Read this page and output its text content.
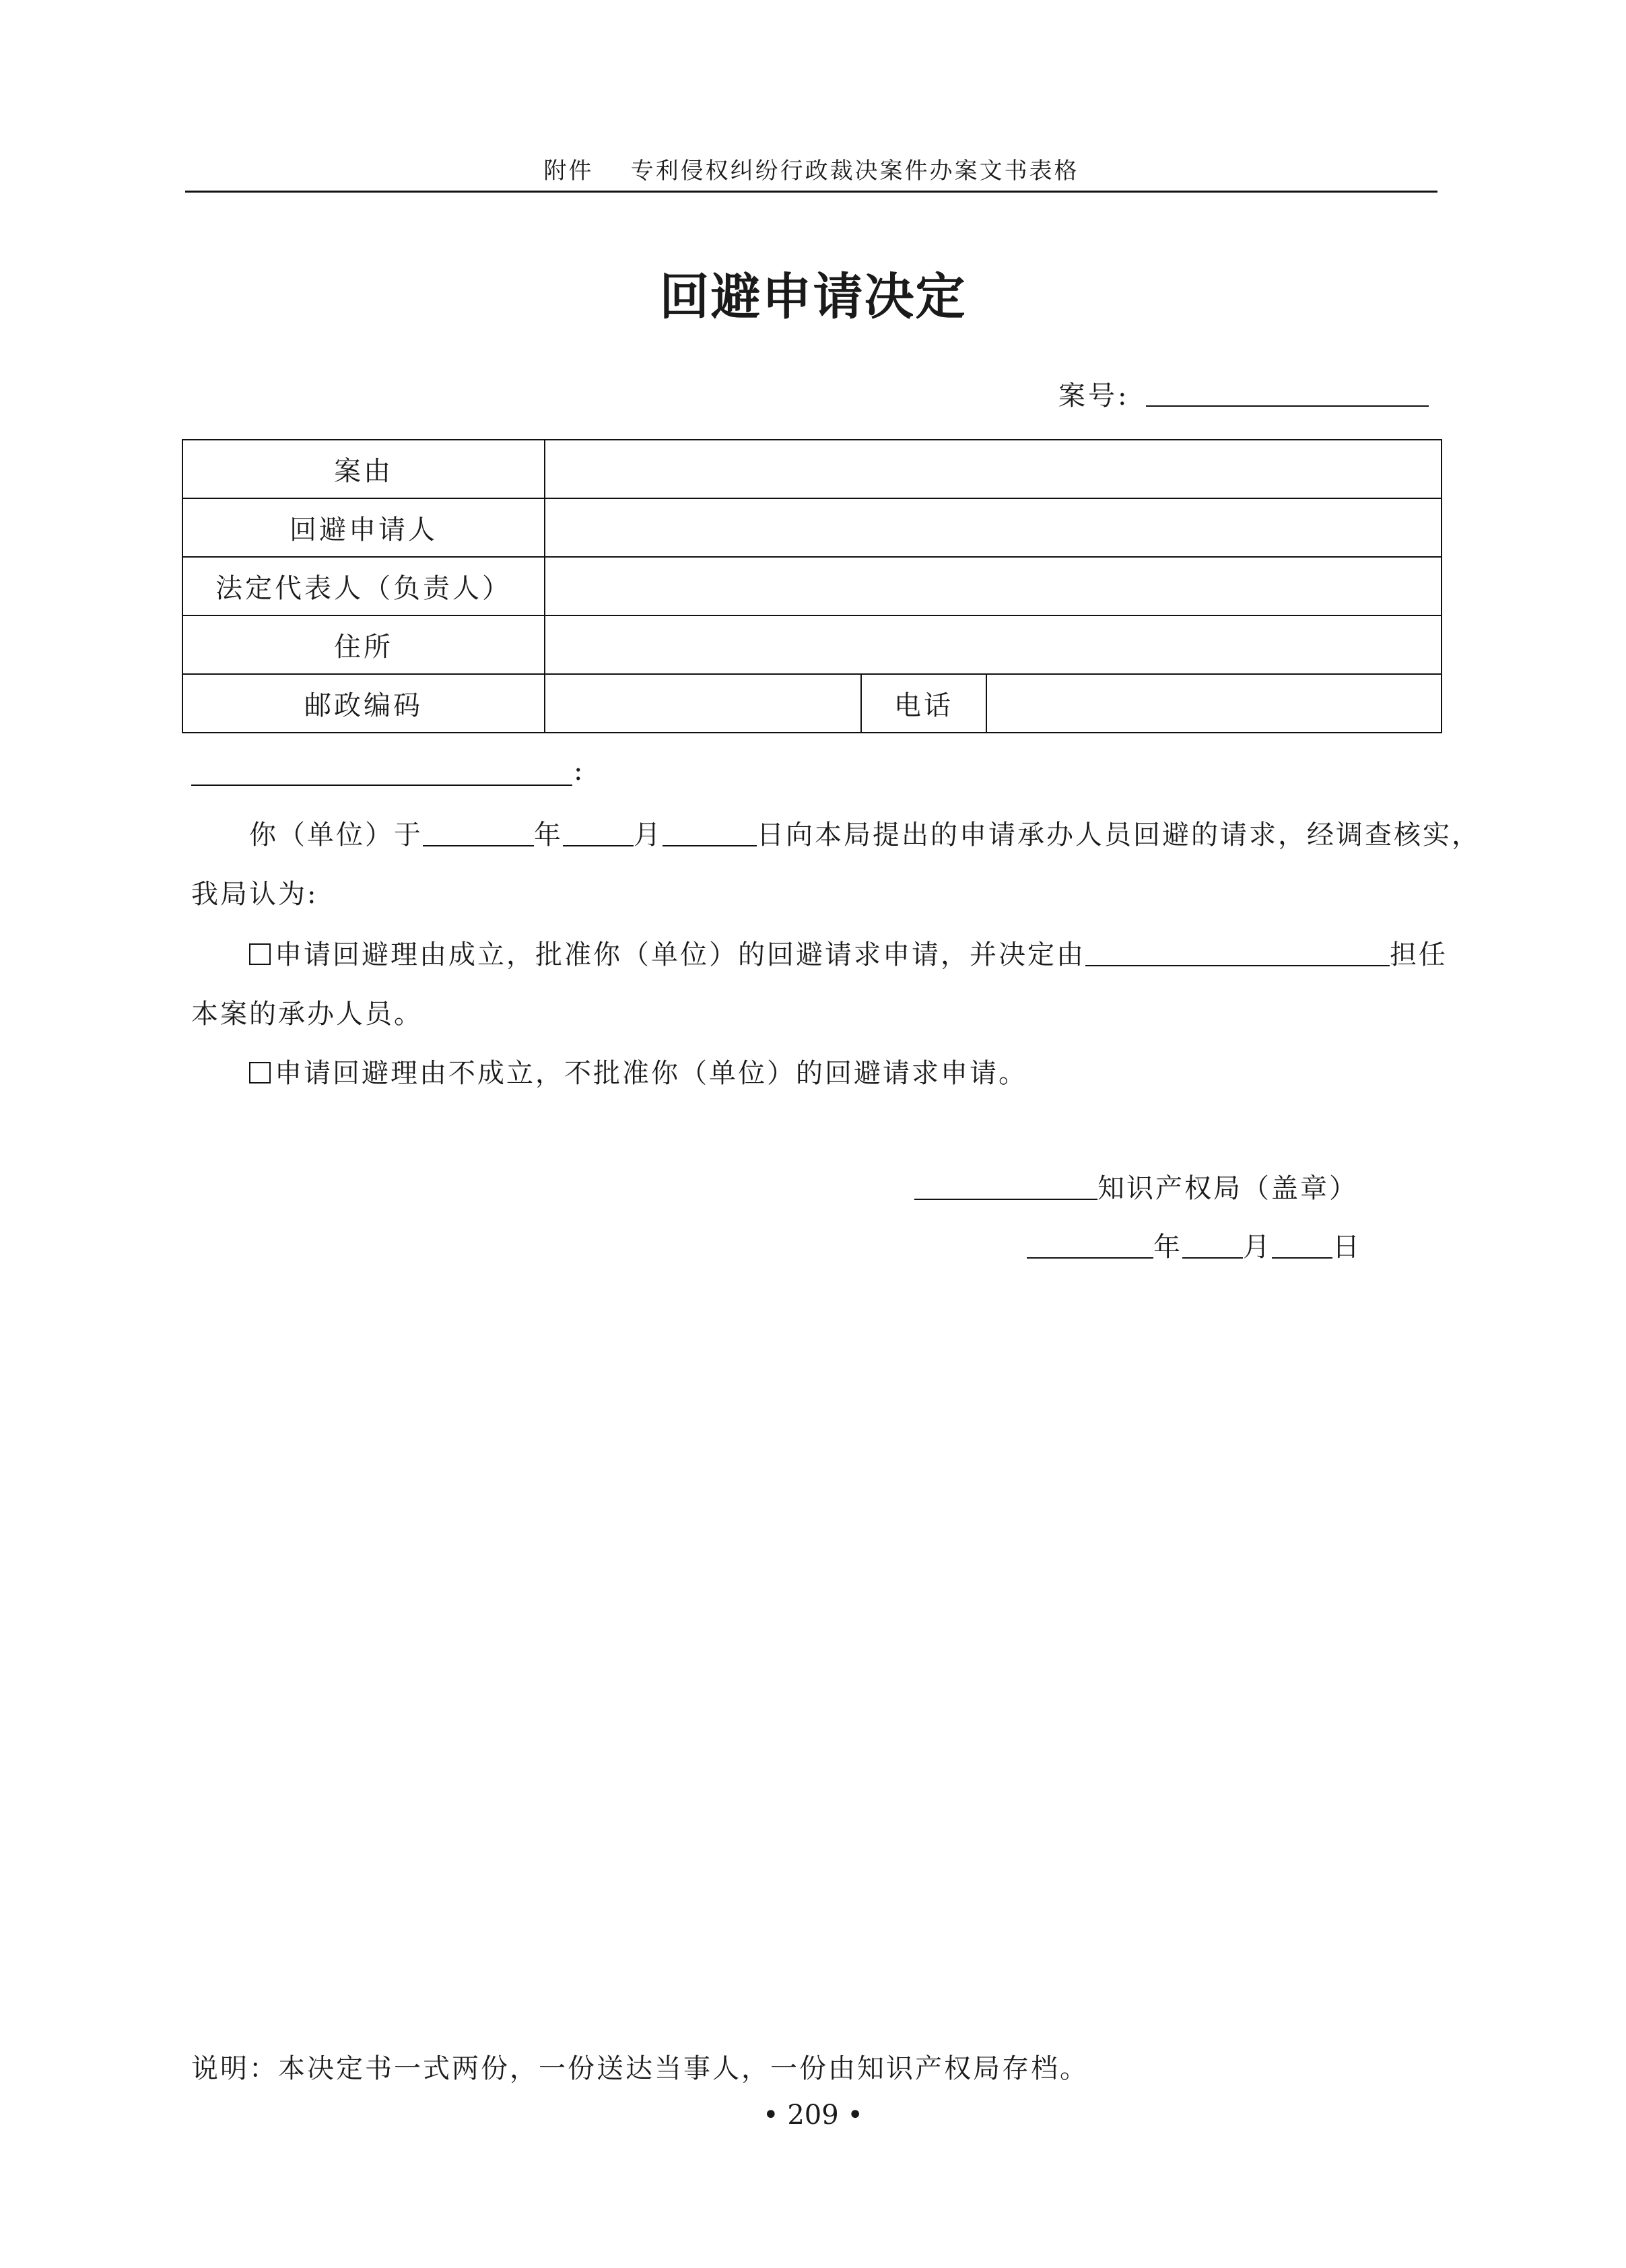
附件    专利侵权纠纷行政裁决案件办案文书表格
回避申请决定
案号:
案由			
回避申请人			
法定代表人（负责人）			
住所			
邮政编码		电话	
:
你（单位）于	年	月	日向本局提出的申请承办人员回避的请求，经调查核实，
我局认为:
申请回避理由成立，批准你（单位）的回避请求申请，并决定由	担任
本案的承办人员。
申请回避理由不成立，不批准你（单位）的回避请求申请。
知识产权局（盖章）
年 月 日
说明：本决定书一式两份，一份送达当事人，一份由知识产权局存档。
• 209 •
